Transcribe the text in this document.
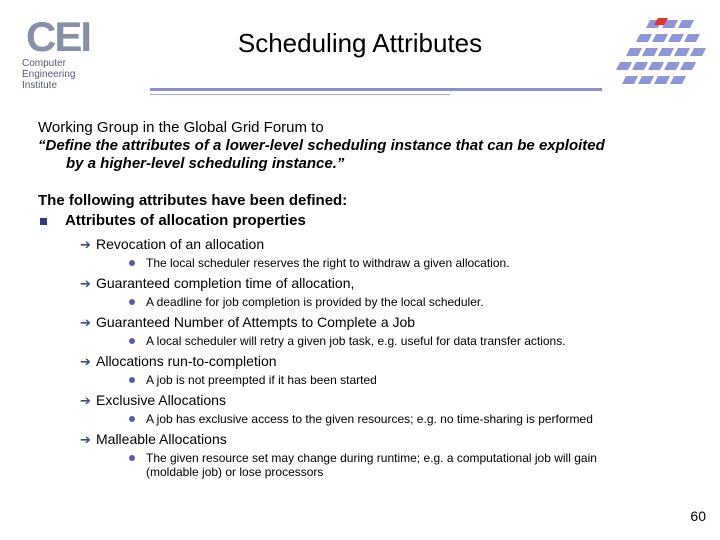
CEI
Computer
Engineering
Institute
Scheduling Attributes
Working Group in the Global Grid Forum to
“Define the attributes of a lower-level scheduling instance that can be exploited
by a higher-level scheduling instance.”
The following attributes have been defined:
Attributes of allocation properties
➔ Revocation of an allocation
The local scheduler reserves the right to withdraw a given allocation.
➔ Guaranteed completion time of allocation,
A deadline for job completion is provided by the local scheduler.
➔ Guaranteed Number of Attempts to Complete a Job
A local scheduler will retry a given job task, e.g. useful for data transfer actions.
➔ Allocations run-to-completion
A job is not preempted if it has been started
➔ Exclusive Allocations
A job has exclusive access to the given resources; e.g. no time-sharing is performed
➔ Malleable Allocations
The given resource set may change during runtime; e.g. a computational job will gain
(moldable job) or lose processors
60
